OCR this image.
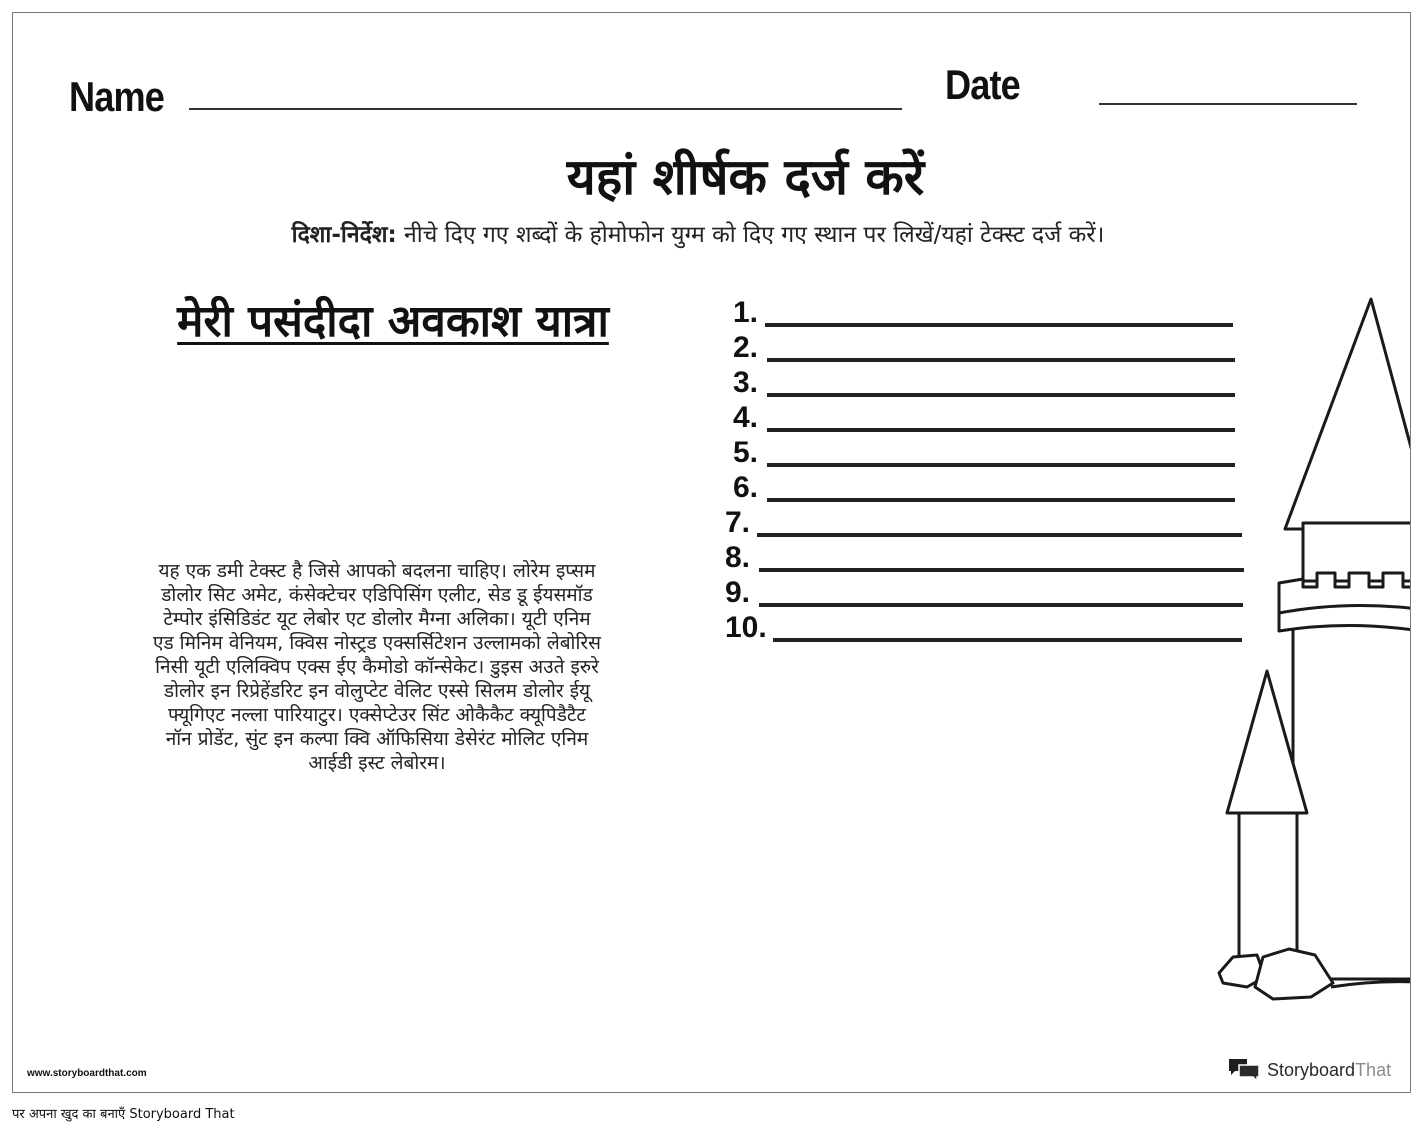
Name	Date
यहां शीर्षक दर्ज करें
दिशा-निर्देश: नीचे दिए गए शब्दों के होमोफोन युग्म को दिए गए स्थान पर लिखें/यहां टेक्स्ट दर्ज करें।
मेरी पसंदीदा अवकाश यात्रा
यह एक डमी टेक्स्ट है जिसे आपको बदलना चाहिए। लोरेम इप्सम
डोलोर सिट अमेट, कंसेक्टेचर एडिपिसिंग एलीट, सेड डू ईयसमॉड
टेम्पोर इंसिडिडंट यूट लेबोर एट डोलोर मैग्ना अलिका। यूटी एनिम
एड मिनिम वेनियम, क्विस नोस्ट्रड एक्सर्सिटेशन उल्लामको लेबोरिस
निसी यूटी एलिक्विप एक्स ईए कैमोडो कॉन्सेकेट। डुइस अउते इरुरे
डोलोर इन रिप्रेहेंडरिट इन वोलुप्टेट वेलिट एस्से सिलम डोलोर ईयू
फ्यूगिएट नल्ला पारियाटुर। एक्सेप्टेउर सिंट ओकैकैट क्यूपिडैटैट
नॉन प्रोडेंट, सुंट इन कल्पा क्वि ऑफिसिया डेसेरंट मोलिट एनिम
आईडी इस्ट लेबोरम।
1.
2.
3.
4.
5.
6.
7.
8.
9.
10.
www.storyboardthat.com	StoryboardThat
पर अपना खुद का बनाएँ Storyboard That
